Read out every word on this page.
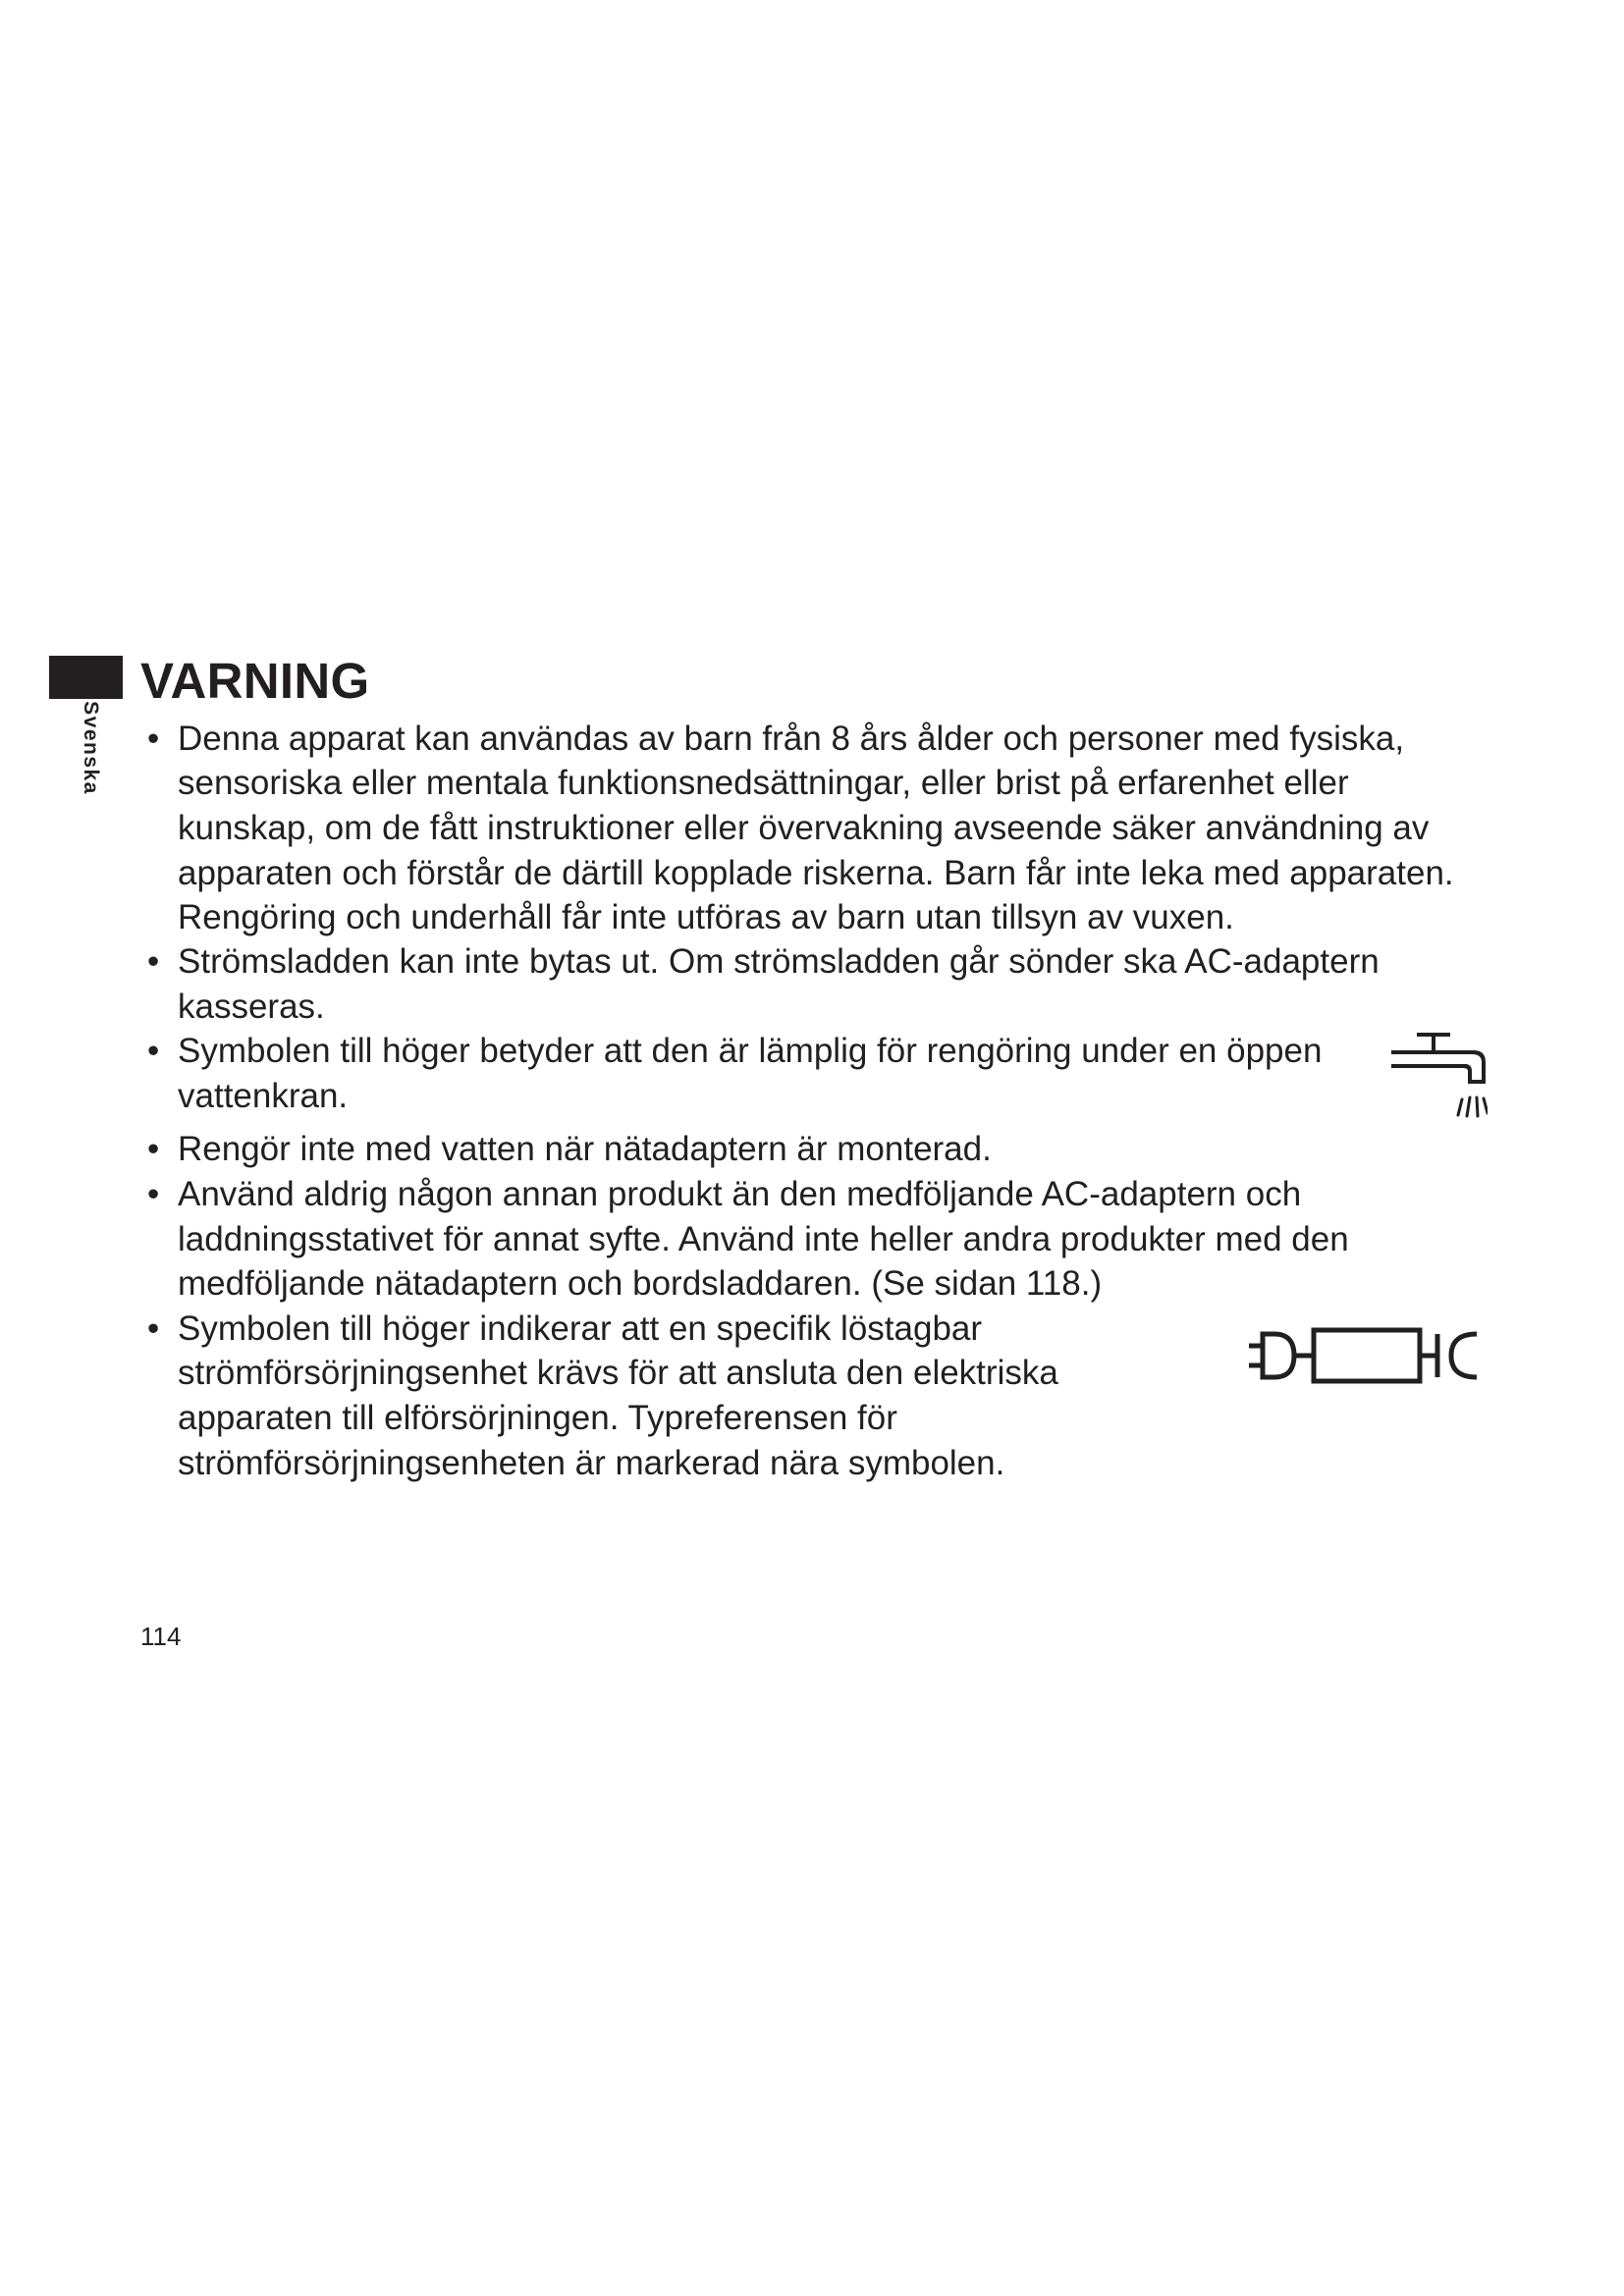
Svenska
VARNING
• Denna apparat kan användas av barn från 8 års ålder och personer med fysiska,

sensoriska eller mentala funktionsnedsättningar, eller brist på erfarenhet eller

kunskap, om de fått instruktioner eller övervakning avseende säker användning av

apparaten och förstår de därtill kopplade riskerna. Barn får inte leka med apparaten.

Rengöring och underhåll får inte utföras av barn utan tillsyn av vuxen.

• Strömsladden kan inte bytas ut. Om strömsladden går sönder ska AC-adaptern

kasseras.

• Symbolen till höger betyder att den är lämplig för rengöring under en öppen

vattenkran.

• Rengör inte med vatten när nätadaptern är monterad.

• Använd aldrig någon annan produkt än den medföljande AC-adaptern och

laddningsstativet för annat syfte. Använd inte heller andra produkter med den

medföljande nätadaptern och bordsladdaren. (Se sidan 118.)

• Symbolen till höger indikerar att en specifik löstagbar

strömförsörjningsenhet krävs för att ansluta den elektriska

apparaten till elförsörjningen. Typreferensen för

strömförsörjningsenheten är markerad nära symbolen.

114
